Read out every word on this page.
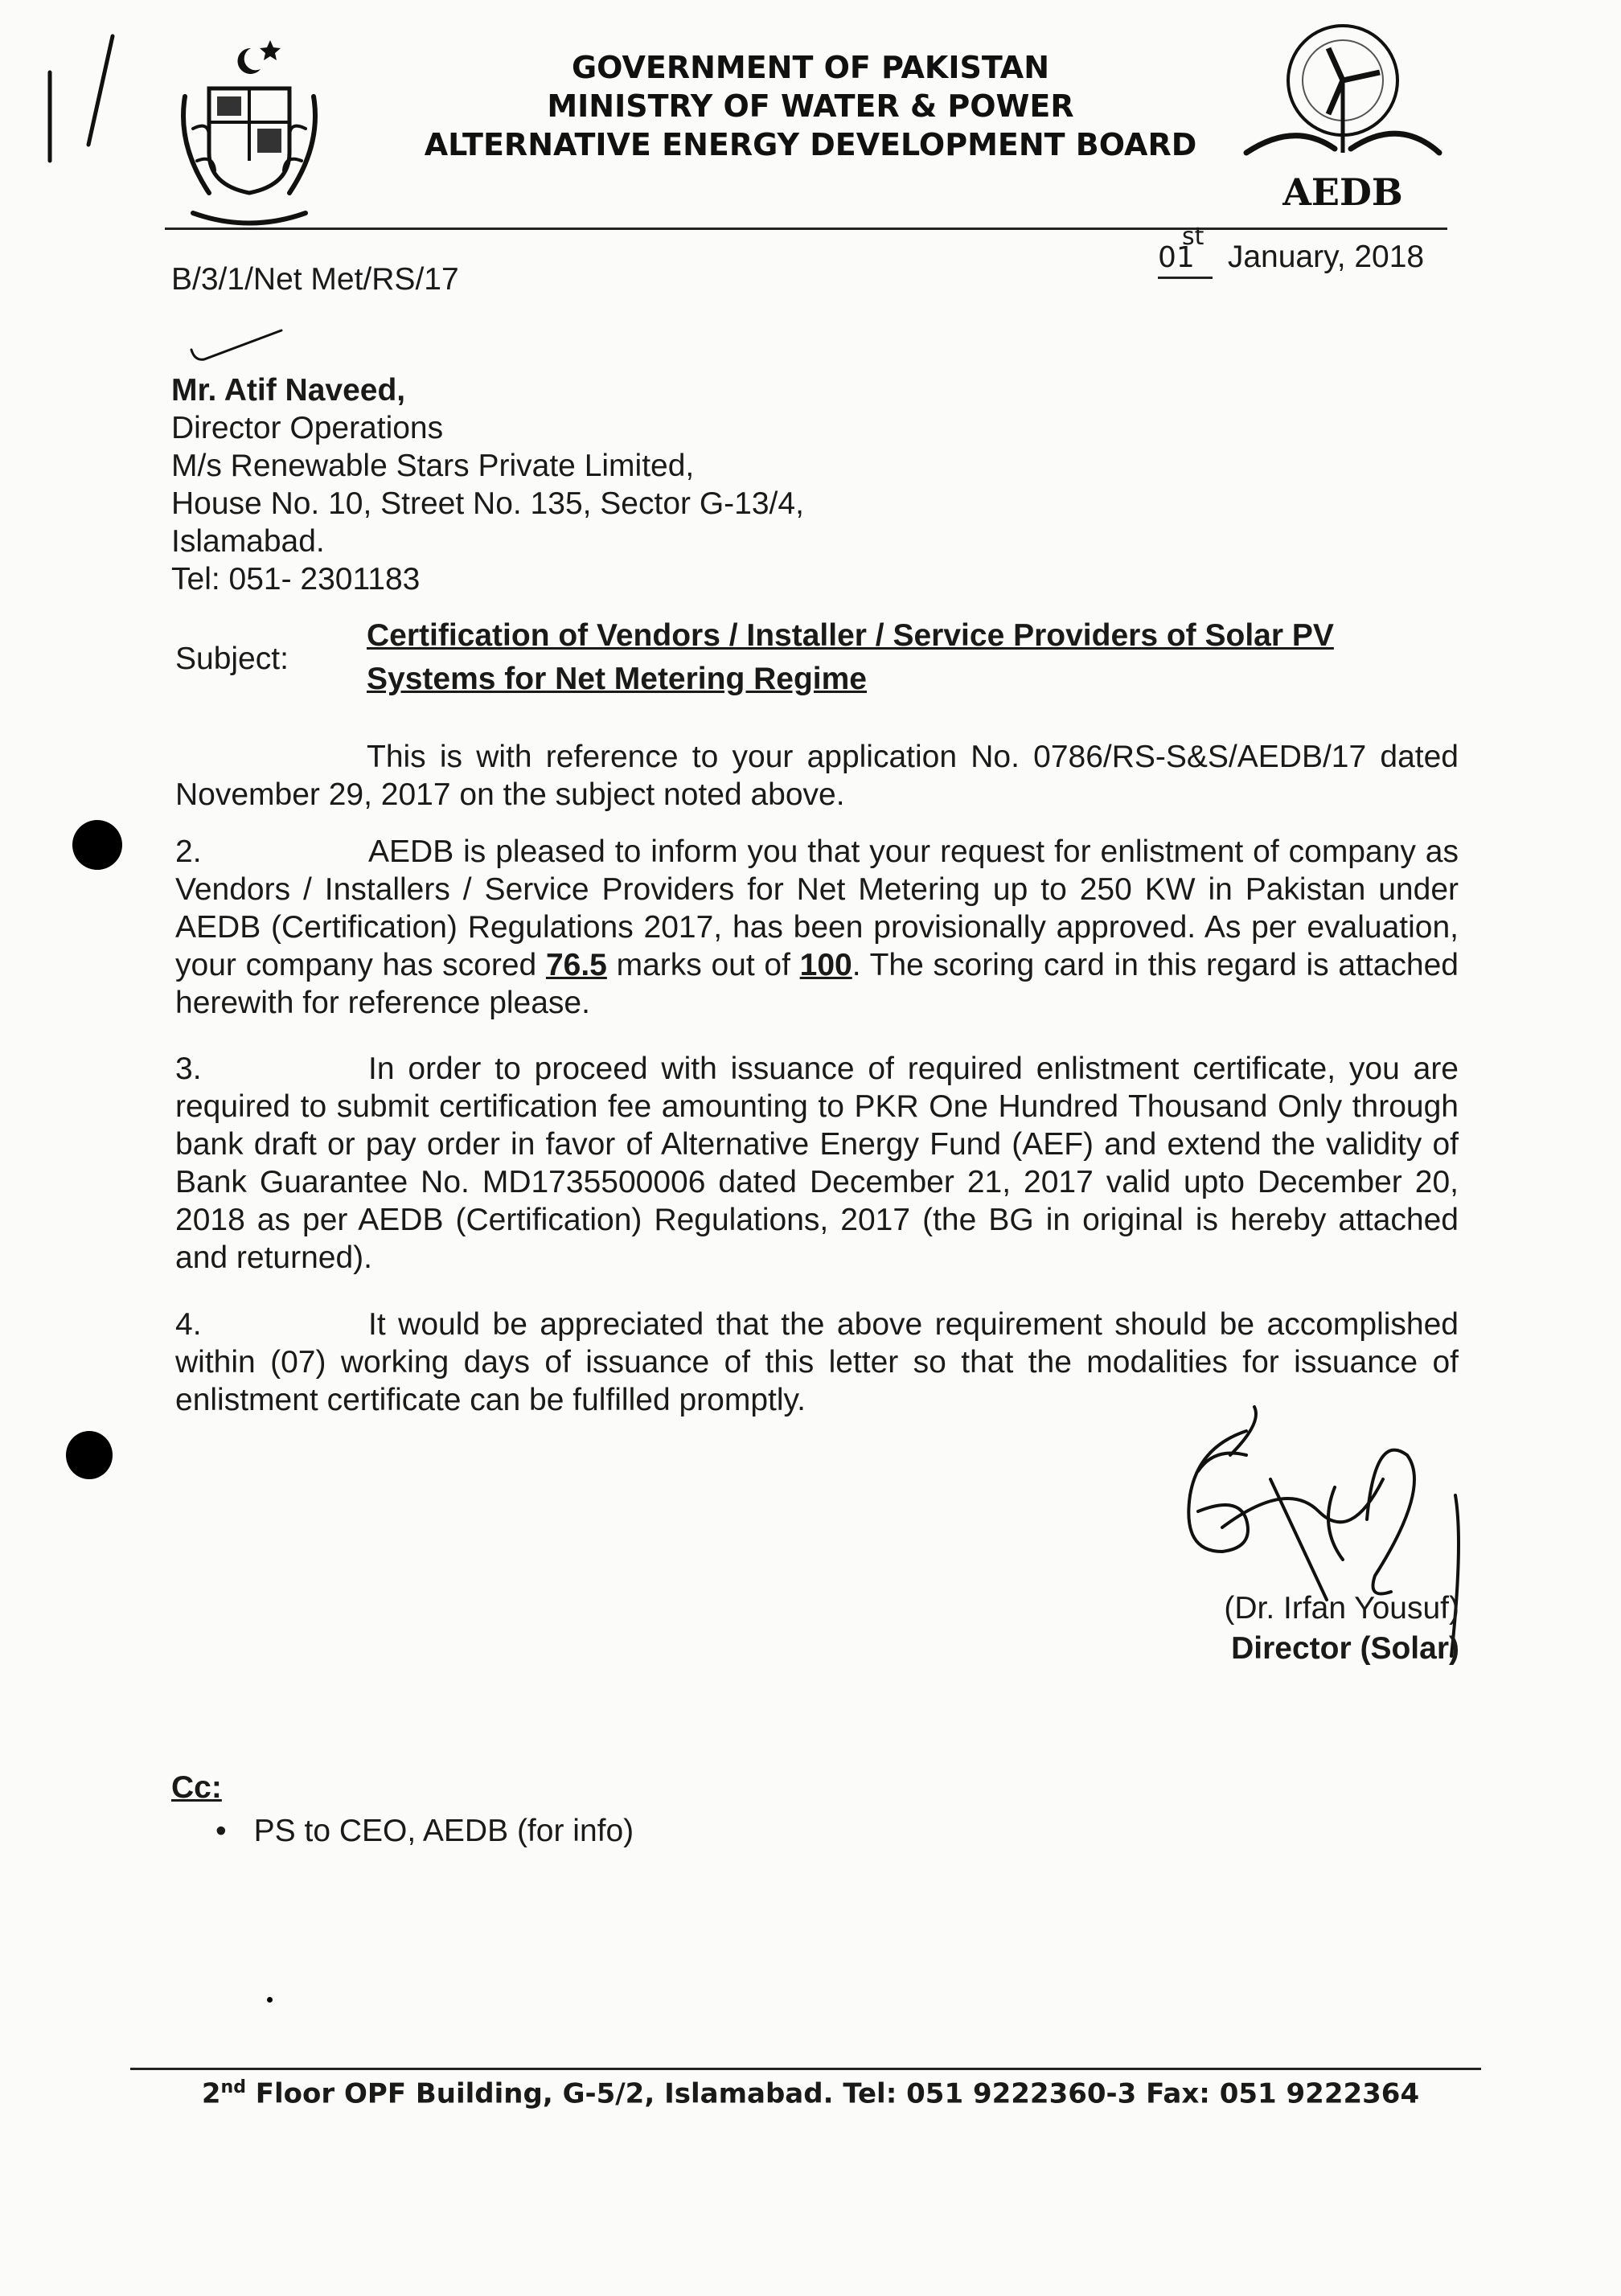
GOVERNMENT OF PAKISTAN
MINISTRY OF WATER & POWER
ALTERNATIVE ENERGY DEVELOPMENT BOARD
AEDB
B/3/1/Net Met/RS/17
01
st
January, 2018
Mr. Atif Naveed,
Director Operations
M/s Renewable Stars Private Limited,
House No. 10, Street No. 135, Sector G-13/4,
Islamabad.
Tel: 051- 2301183
Subject:
Certification of Vendors / Installer / Service Providers of Solar PV
Systems for Net Metering Regime
This is with reference to your application No. 0786/RS-S&S/AEDB/17 dated November 29, 2017 on the subject noted above.
2.	AEDB is pleased to inform you that your request for enlistment of company as Vendors / Installers / Service Providers for Net Metering up to 250 KW in Pakistan under AEDB (Certification) Regulations 2017, has been provisionally approved. As per evaluation, your company has scored 76.5 marks out of 100. The scoring card in this regard is attached herewith for reference please.
3.	In order to proceed with issuance of required enlistment certificate, you are required to submit certification fee amounting to PKR One Hundred Thousand Only through bank draft or pay order in favor of Alternative Energy Fund (AEF) and extend the validity of Bank Guarantee No. MD1735500006 dated December 21, 2017 valid upto December 20, 2018 as per AEDB (Certification) Regulations, 2017 (the BG in original is hereby attached and returned).
4.	It would be appreciated that the above requirement should be accomplished within (07) working days of issuance of this letter so that the modalities for issuance of enlistment certificate can be fulfilled promptly.
(Dr. Irfan Yousuf)
Director (Solar)
Cc:
• PS to CEO, AEDB (for info)
2nd Floor OPF Building, G-5/2, Islamabad. Tel: 051 9222360-3 Fax: 051 9222364
